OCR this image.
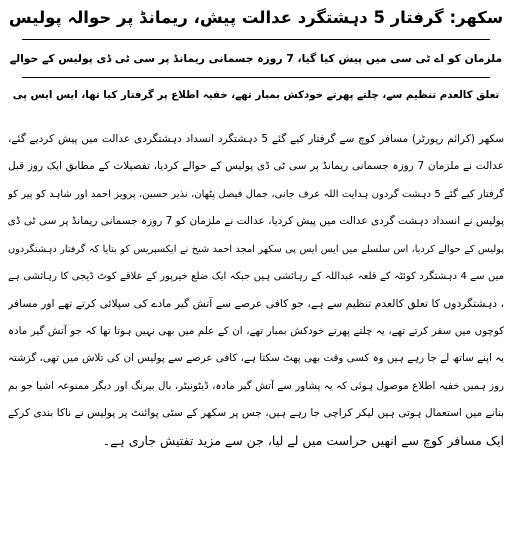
سکھر: گرفتار 5 دہشتگرد عدالت پیش، ریمانڈ پر حوالہ پولیس
ملزمان کو اے ٹی سی میں پیش کیا گیا، 7 روزہ جسمانی ریمانڈ پر سی ٹی ڈی پولیس کے حوالے
تعلق کالعدم تنظیم سے، چلتے پھرتے خودکش بمبار تھے، خفیہ اطلاع پر گرفتار کیا تھا، ایس ایس پی
سکھر (کرائم رپورٹر) مسافر کوچ سے گرفتار کیے گئے 5 دہشتگرد انسداد دہشتگردی عدالت میں پیش کردیے گئے،
عدالت نے ملزمان 7 روزہ جسمانی ریمانڈ پر سی ٹی ڈی پولیس کے حوالے کردیا، تفصیلات کے مطابق ایک روز قبل
گرفتار کیے گئے 5 دہشت گردوں ہدایت اللہ عرف جانی، جمال فیصل پٹھان، نذیر حسین، پرویز احمد اور شاہد کو پیر کو
پولیس نے انسداد دہشت گردی عدالت میں پیش کردیا، عدالت نے ملزمان کو 7 روزہ جسمانی ریمانڈ پر سی ٹی ڈی
پولیس کے حوالے کردیا، اس سلسلے میں ایس ایس پی سکھر امجد احمد شیخ نے ایکسپریس کو بتایا کہ گرفتار دہشتگردوں
میں سے 4 دہشتگرد کوئٹہ کے قلعہ عبداللہ کے رہائشی ہیں جبکہ ایک ضلع خیرپور کے علاقے کوٹ ڈیجی کا رہائشی ہے
، دہشتگردوں کا تعلق کالعدم تنظیم سے ہے، جو کافی عرصے سے آتش گیر مادے کی سپلائی کرتے تھے اور مسافر
کوچوں میں سفر کرتے تھے، یہ چلتے پھرتے خودکش بمبار تھے، ان کے علم میں بھی نہیں ہوتا تھا کہ جو آتش گیر مادہ
یہ اپنے ساتھ لے جا رہے ہیں وہ کسی وقت بھی پھٹ سکتا ہے، کافی عرصے سے پولیس ان کی تلاش میں تھی، گزشتہ
روز ہمیں خفیہ اطلاع موصول ہوئی کہ یہ پشاور سے آتش گیر مادہ، ڈیٹونیٹر، بال بیرنگ اور دیگر ممنوعہ اشیا جو بم
بنانے میں استعمال ہوتی ہیں لیکر کراچی جا رہے ہیں، جس پر سکھر کے سٹی پوائنٹ پر پولیس نے ناکا بندی کرکے
ایک مسافر کوچ سے انھیں حراست میں لے لیا، جن سے مزید تفتیش جاری ہے۔
